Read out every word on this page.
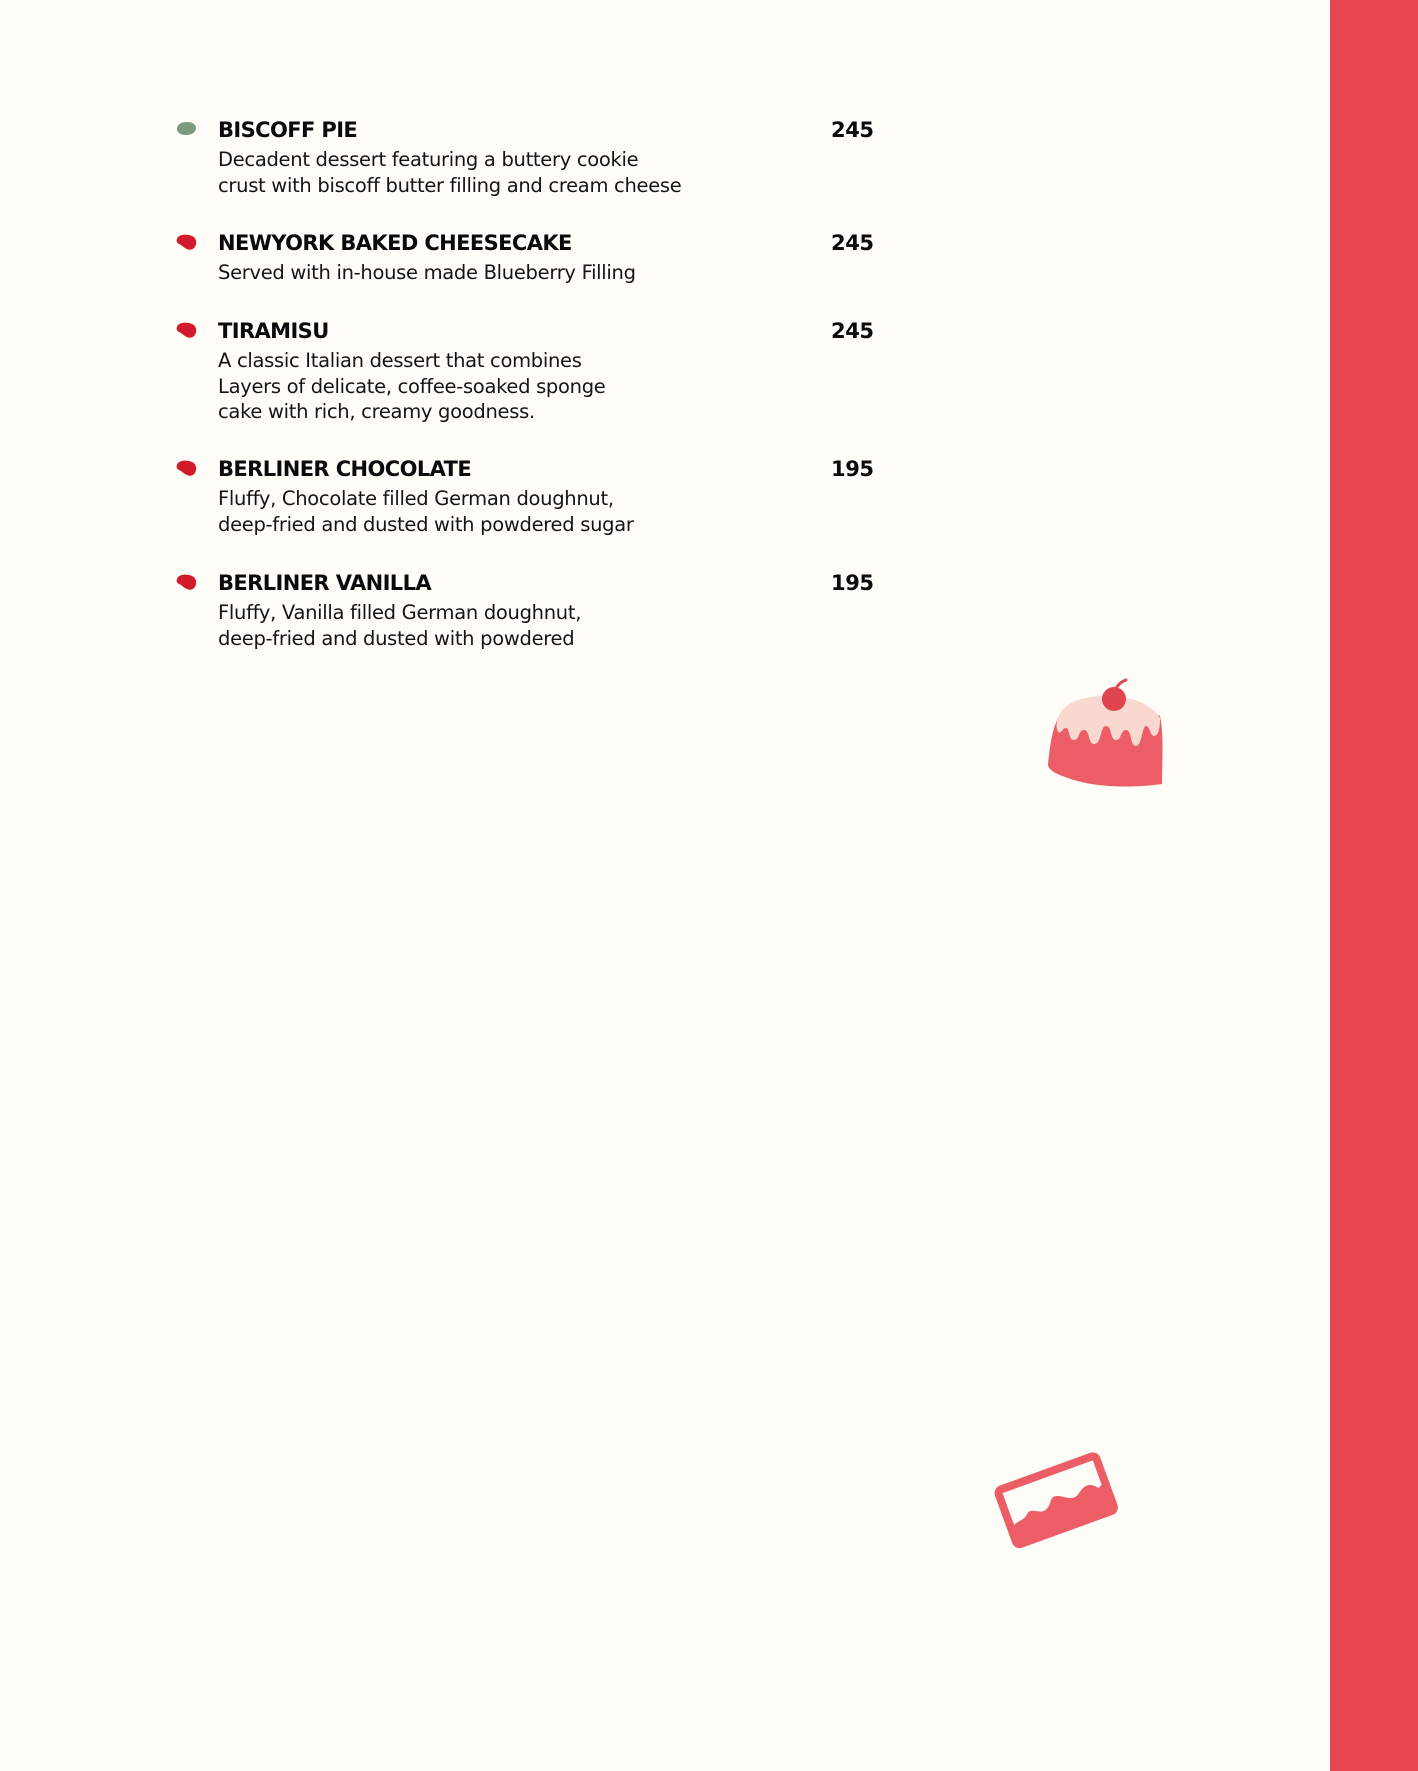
BISCOFF PIE	245
Decadent dessert featuring a buttery cookie
crust with biscoff butter filling and cream cheese
NEWYORK BAKED CHEESECAKE	245
Served with in-house made Blueberry Filling
TIRAMISU	245
A classic Italian dessert that combines
Layers of delicate, coffee-soaked sponge
cake with rich, creamy goodness.
BERLINER CHOCOLATE	195
Fluffy, Chocolate filled German doughnut,
deep-fried and dusted with powdered sugar
BERLINER VANILLA	195
Fluffy, Vanilla filled German doughnut,
deep-fried and dusted with powdered
